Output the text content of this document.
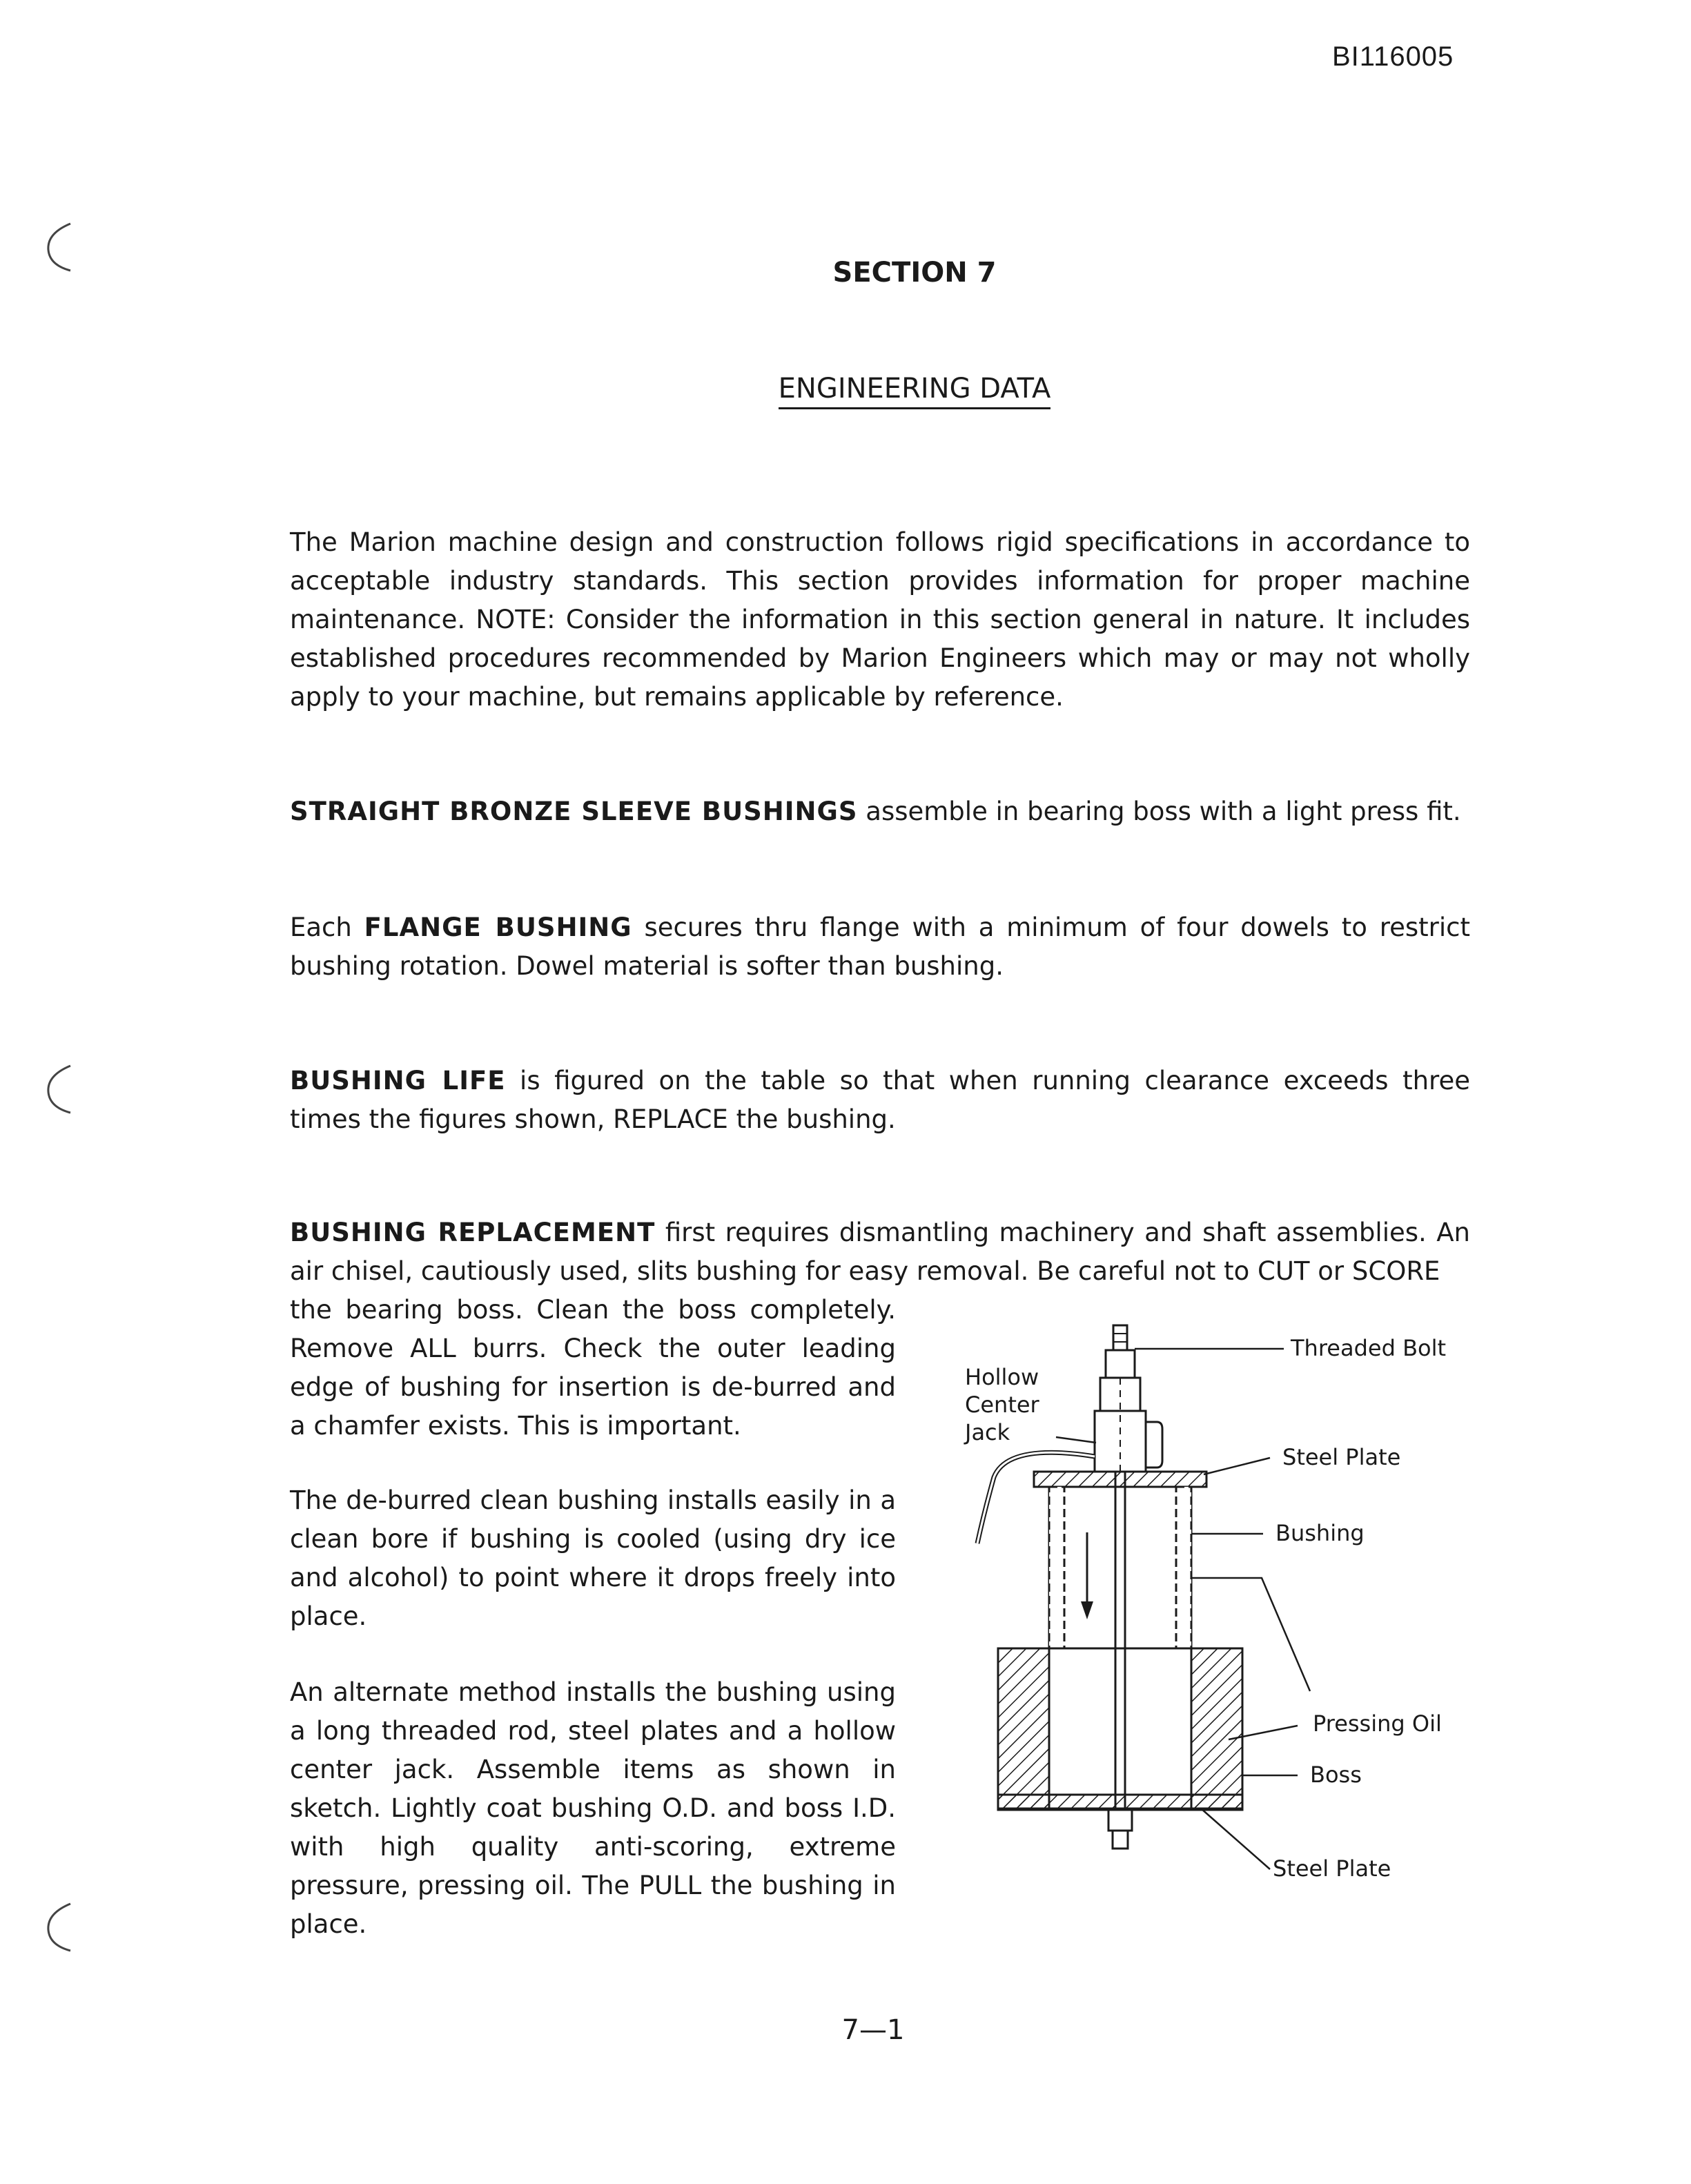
BI116005
SECTION 7
ENGINEERING DATA

The Marion machine design and construction follows rigid specifications in accordance to acceptable industry standards. This section provides information for proper machine maintenance. NOTE: Consider the information in this section general in nature. It includes established procedures recommended by Marion Engineers which may or may not wholly apply to your machine, but remains applicable by reference.

STRAIGHT BRONZE SLEEVE BUSHINGS assemble in bearing boss with a light press fit.

Each FLANGE BUSHING secures thru flange with a minimum of four dowels to restrict bushing rotation. Dowel material is softer than bushing.

BUSHING LIFE is figured on the table so that when running clearance exceeds three times the figures shown, REPLACE the bushing.

BUSHING REPLACEMENT first requires dismantling machinery and shaft assemblies. An air chisel, cautiously used, slits bushing for easy removal. Be careful not to CUT or SCORE

the bearing boss. Clean the boss completely. Remove ALL burrs. Check the outer leading edge of bushing for insertion is de-burred and a chamfer exists. This is important.

The de-burred clean bushing installs easily in a clean bore if bushing is cooled (using dry ice and alcohol) to point where it drops freely into place.

An alternate method installs the bushing using a long threaded rod, steel plates and a hollow center jack. Assemble items as shown in sketch. Lightly coat bushing O.D. and boss I.D. with high quality anti-scoring, extreme pressure, pressing oil. The PULL the bushing in place.

Threaded Bolt
Hollow
Center
Jack
Steel Plate
Bushing
Pressing Oil
Boss
Steel Plate
7—1
